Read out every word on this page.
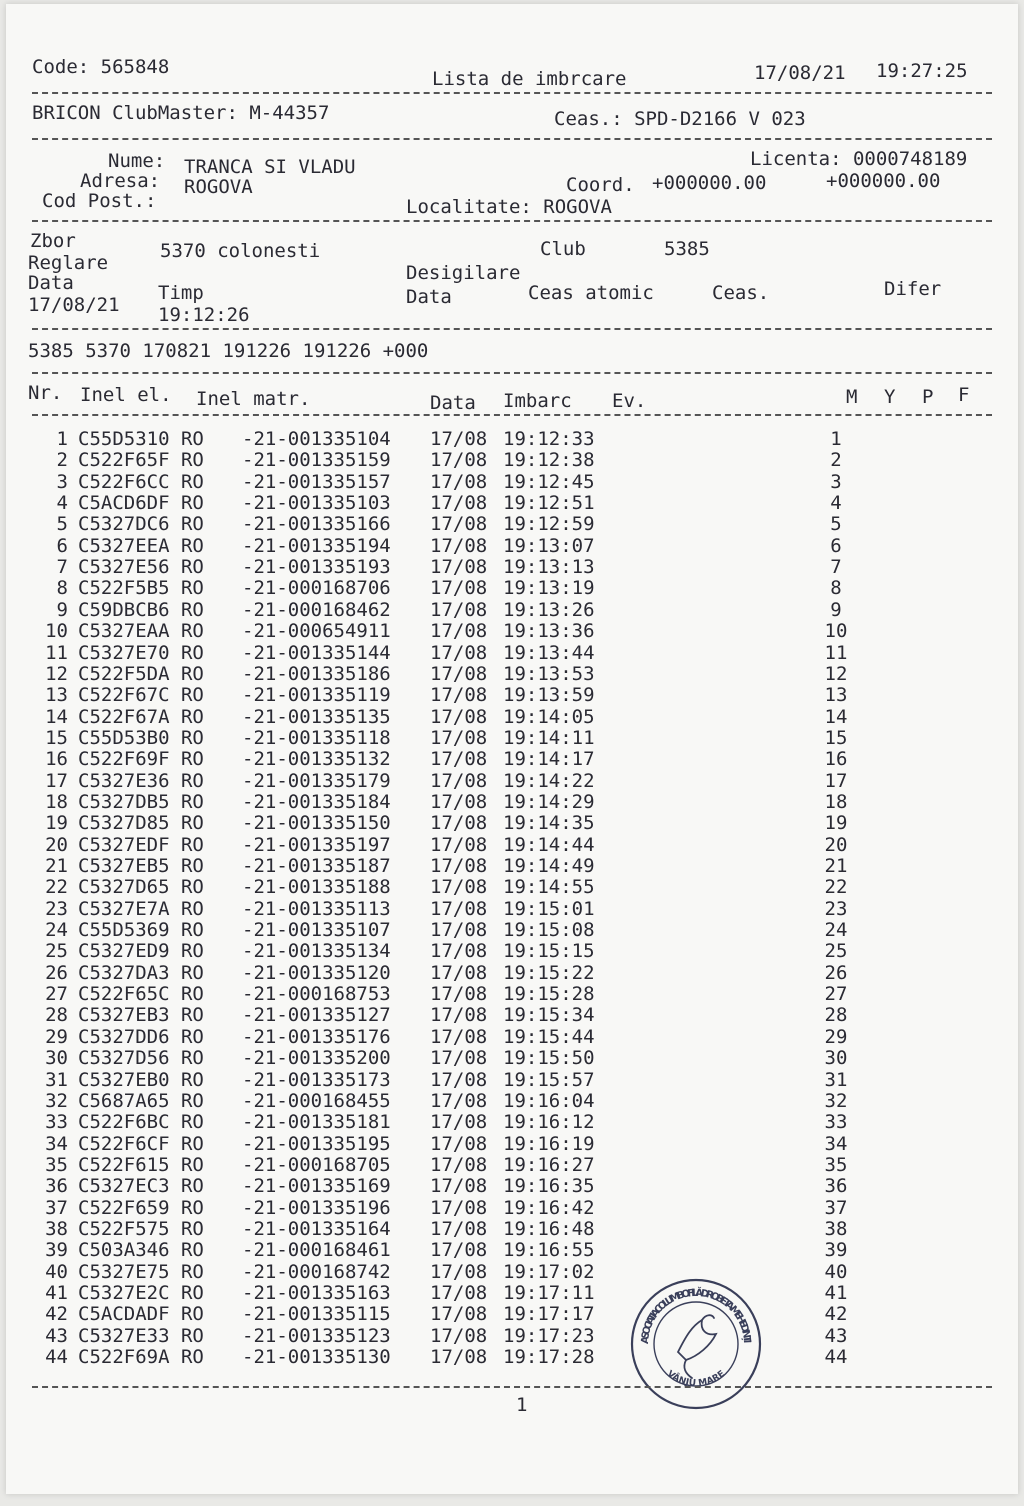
Code: 565848
Lista de imbrcare	17/08/21 19:27:25
BRICON ClubMaster: M-44357	Ceas.: SPD-D2166 V 023
Nume: TRANCA SI VLADU
Adresa: ROGOVA
Cod Post.:
Licenta: 0000748189
Coord. +000000.00	+000000.00
Localitate: ROGOVA
Zbor	5370 colonesti	Club	5385
Reglare	Desigilare
Data	Timp	Data	Ceas atomic	Ceas.	Difer
17/08/21 19:12:26
5385 5370 170821 191226 191226 +000
Nr. Inel el. Inel matr.	Data Imbarc Ev.	M Y P F
1 C55D5310 RO -21-001335104 17/08 19:12:33	1
2 C522F65F RO -21-001335159 17/08 19:12:38	2
3 C522F6CC RO -21-001335157 17/08 19:12:45	3
4 C5ACD6DF RO -21-001335103 17/08 19:12:51	4
5 C5327DC6 RO -21-001335166 17/08 19:12:59	5
6 C5327EEA RO -21-001335194 17/08 19:13:07	6
7 C5327E56 RO -21-001335193 17/08 19:13:13	7
8 C522F5B5 RO -21-000168706 17/08 19:13:19	8
9 C59DBCB6 RO -21-000168462 17/08 19:13:26	9
10 C5327EAA RO -21-000654911 17/08 19:13:36	10
11 C5327E70 RO -21-001335144 17/08 19:13:44	11
12 C522F5DA RO -21-001335186 17/08 19:13:53	12
13 C522F67C RO -21-001335119 17/08 19:13:59	13
14 C522F67A RO -21-001335135 17/08 19:14:05	14
15 C55D53B0 RO -21-001335118 17/08 19:14:11	15
16 C522F69F RO -21-001335132 17/08 19:14:17	16
17 C5327E36 RO -21-001335179 17/08 19:14:22	17
18 C5327DB5 RO -21-001335184 17/08 19:14:29	18
19 C5327D85 RO -21-001335150 17/08 19:14:35	19
20 C5327EDF RO -21-001335197 17/08 19:14:44	20
21 C5327EB5 RO -21-001335187 17/08 19:14:49	21
22 C5327D65 RO -21-001335188 17/08 19:14:55	22
23 C5327E7A RO -21-001335113 17/08 19:15:01	23
24 C55D5369 RO -21-001335107 17/08 19:15:08	24
25 C5327ED9 RO -21-001335134 17/08 19:15:15	25
26 C5327DA3 RO -21-001335120 17/08 19:15:22	26
27 C522F65C RO -21-000168753 17/08 19:15:28	27
28 C5327EB3 RO -21-001335127 17/08 19:15:34	28
29 C5327DD6 RO -21-001335176 17/08 19:15:44	29
30 C5327D56 RO -21-001335200 17/08 19:15:50	30
31 C5327EB0 RO -21-001335173 17/08 19:15:57	31
32 C5687A65 RO -21-000168455 17/08 19:16:04	32
33 C522F6BC RO -21-001335181 17/08 19:16:12	33
34 C522F6CF RO -21-001335195 17/08 19:16:19	34
35 C522F615 RO -21-000168705 17/08 19:16:27	35
36 C5327EC3 RO -21-001335169 17/08 19:16:35	36
37 C522F659 RO -21-001335196 17/08 19:16:42	37
38 C522F575 RO -21-001335164 17/08 19:16:48	38
39 C503A346 RO -21-000168461 17/08 19:16:55	39
40 C5327E75 RO -21-000168742 17/08 19:17:02	40
41 C5327E2C RO -21-001335163 17/08 19:17:11	41
42 C5ACDADF RO -21-001335115 17/08 19:17:17	42
43 C5327E33 RO -21-001335123 17/08 19:17:23	43
44 C522F69A RO -21-001335130 17/08 19:17:28	44
ASOCIATIA COLUMBOFILĂ DROBETA-MEHEDINȚI
VÂNJU MARE
1
